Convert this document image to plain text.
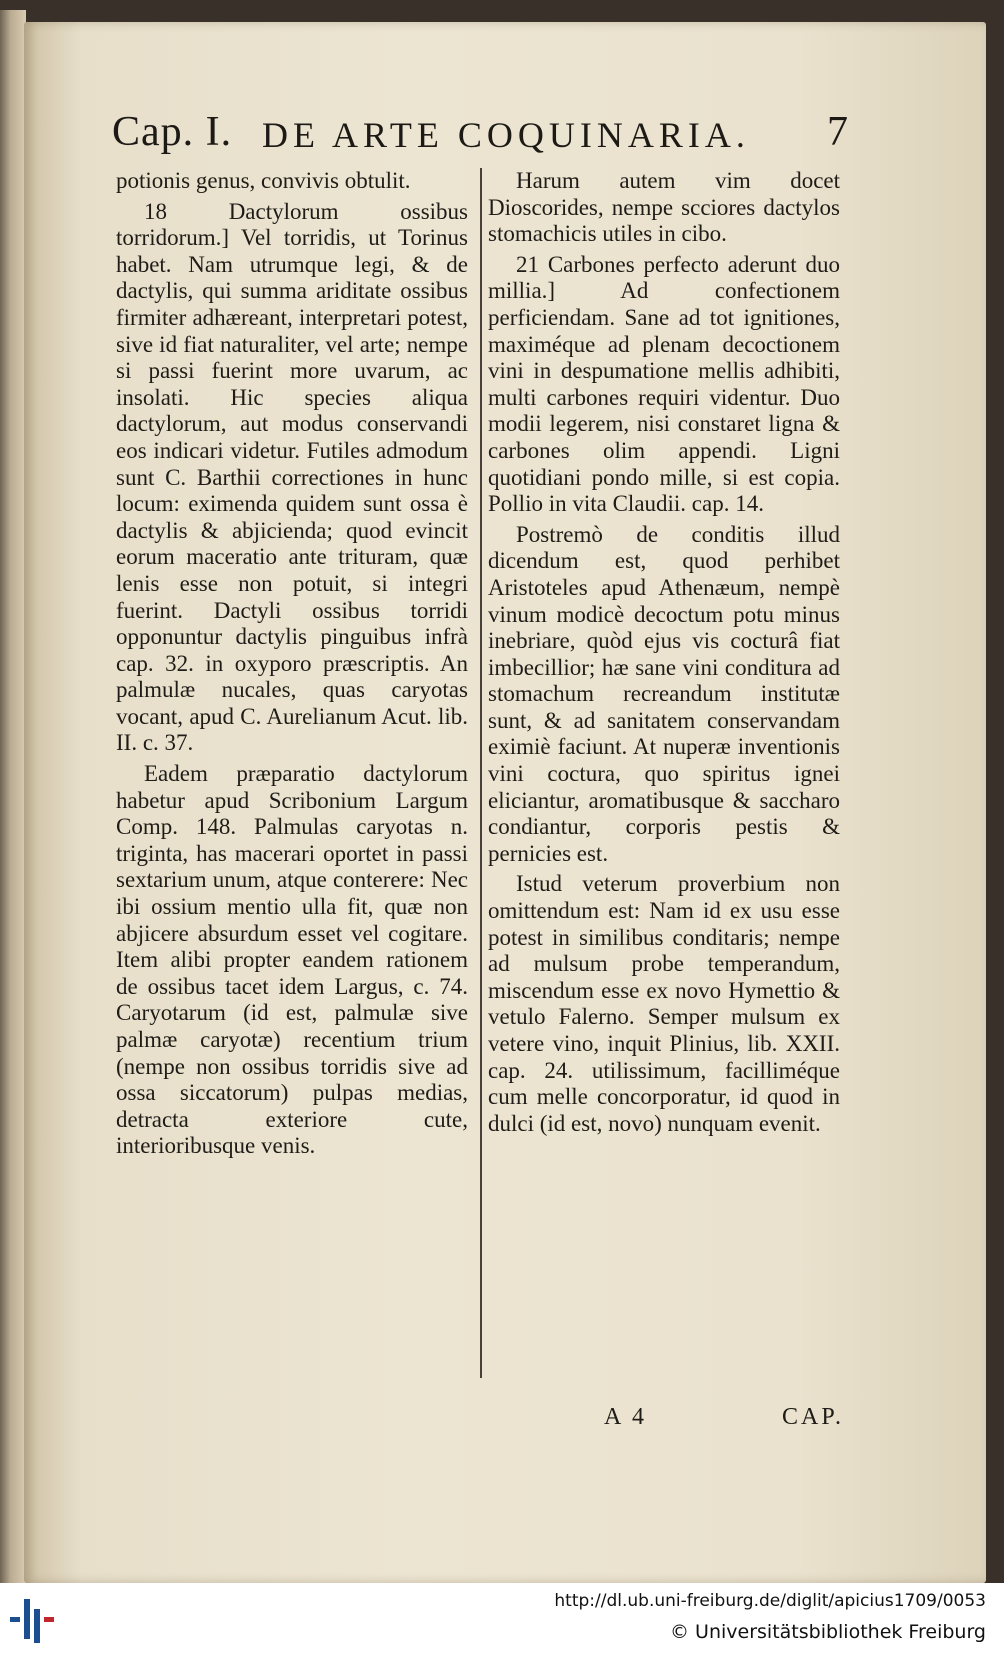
Cap. I. DE ARTE COQUINARIA. 7

potionis genus, convivis obtulit.

18 Dactylorum ossibus torridorum.] Vel torridis, ut Torinus habet. Nam utrumque legi, & de dactylis, qui summa ariditate ossibus firmiter adhæreant, interpretari potest, sive id fiat naturaliter, vel arte; nempe si passi fuerint more uvarum, ac insolati. Hic species aliqua dactylorum, aut modus conservandi eos indicari videtur. Futiles admodum sunt C. Barthii correctiones in hunc locum: eximenda quidem sunt ossa è dactylis & abjicienda; quod evincit eorum maceratio ante trituram, quæ lenis esse non potuit, si integri fuerint. Dactyli ossibus torridi opponuntur dactylis pinguibus infrà cap. 32. in oxyporo præscriptis. An palmulæ nucales, quas caryotas vocant, apud C. Aurelianum Acut. lib. II. c. 37.

Eadem præparatio dactylorum habetur apud Scribonium Largum Comp. 148. Palmulas caryotas n. triginta, has macerari oportet in passi sextarium unum, atque conterere: Nec ibi ossium mentio ulla fit, quæ non abjicere absurdum esset vel cogitare. Item alibi propter eandem rationem de ossibus tacet idem Largus, c. 74. Caryotarum (id est, palmulæ sive palmæ caryotæ) recentium trium (nempe non ossibus torridis sive ad ossa siccatorum) pulpas medias, detracta exteriore cute, interioribusque venis.

Harum autem vim docet Dioscorides, nempe scciores dactylos stomachicis utiles in cibo.

21 Carbones perfecto aderunt duo millia.] Ad confectionem perficiendam. Sane ad tot ignitiones, maximéque ad plenam decoctionem vini in despumatione mellis adhibiti, multi carbones requiri videntur. Duo modii legerem, nisi constaret ligna & carbones olim appendi. Ligni quotidiani pondo mille, si est copia. Pollio in vita Claudii. cap. 14.

Postremò de conditis illud dicendum est, quod perhibet Aristoteles apud Athenæum, nempè vinum modicè decoctum potu minus inebriare, quòd ejus vis cocturâ fiat imbecillior; hæ sane vini conditura ad stomachum recreandum institutæ sunt, & ad sanitatem conservandam eximiè faciunt. At nuperæ inventionis vini coctura, quo spiritus ignei eliciantur, aromatibusque & saccharo condiantur, corporis pestis & pernicies est.

Istud veterum proverbium non omittendum est: Nam id ex usu esse potest in similibus conditaris; nempe ad mulsum probe temperandum, miscendum esse ex novo Hymettio & vetulo Falerno. Semper mulsum ex vetere vino, inquit Plinius, lib. XXII. cap. 24. utilissimum, facilliméque cum melle concorporatur, id quod in dulci (id est, novo) nunquam evenit.

A 4	CAP.
http://dl.ub.uni-freiburg.de/diglit/apicius1709/0053
© Universitätsbibliothek Freiburg
